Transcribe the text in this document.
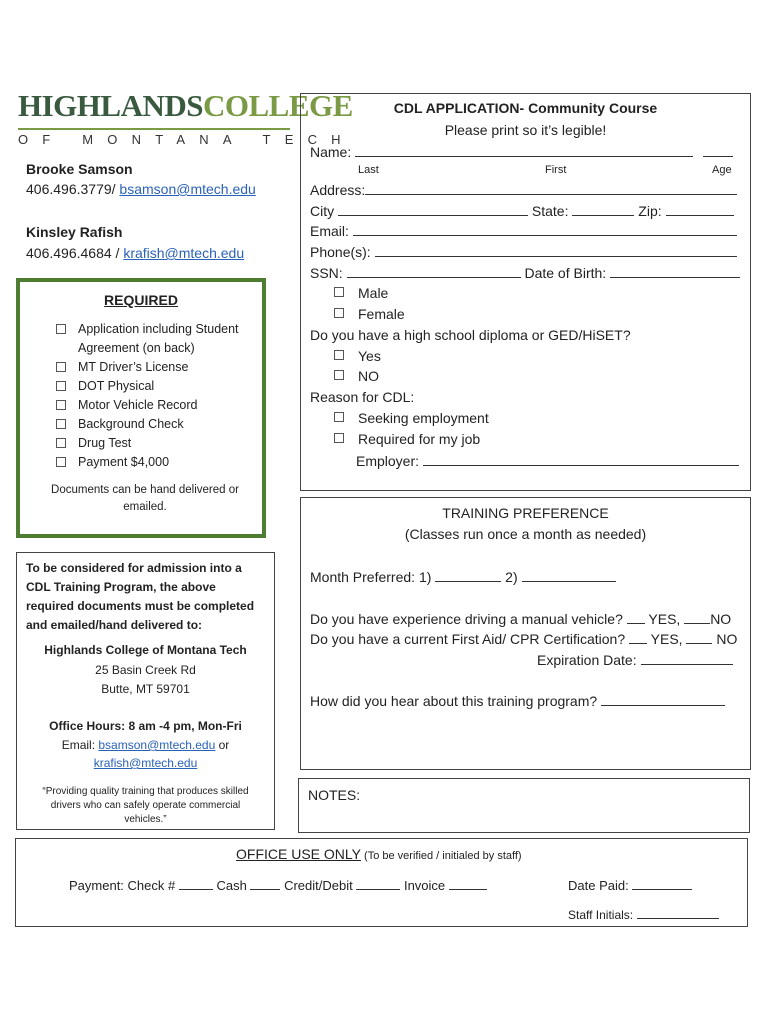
HIGHLANDSCOLLEGE
OF MONTANA TECH
Brooke Samson
406.496.3779/ bsamson@mtech.edu
Kinsley Rafish
406.496.4684 / krafish@mtech.edu
REQUIRED
Application including Student
Agreement (on back)
MT Driver’s License
DOT Physical
Motor Vehicle Record
Background Check
Drug Test
Payment $4,000
Documents can be hand delivered or emailed.
To be considered for admission into a CDL Training Program, the above required documents must be completed and emailed/hand delivered to:
Highlands College of Montana Tech
25 Basin Creek Rd
Butte, MT 59701
Office Hours: 8 am -4 pm, Mon-Fri
Email: bsamson@mtech.edu or
krafish@mtech.edu
“Providing quality training that produces skilled drivers who can safely operate commercial vehicles.”
CDL APPLICATION- Community Course
Please print so it’s legible!
Name:
Last	First	Age
Address:
City	State:	Zip:
Email:
Phone(s):
SSN:	Date of Birth:
Male
Female
Do you have a high school diploma or GED/HiSET?
Yes
NO
Reason for CDL:
Seeking employment
Required for my job
Employer:
TRAINING PREFERENCE
(Classes run once a month as needed)
Month Preferred: 1)	2)
Do you have experience driving a manual vehicle? YES, NO
Do you have a current First Aid/ CPR Certification? YES, NO
Expiration Date:
How did you hear about this training program?
NOTES:
OFFICE USE ONLY (To be verified / initialed by staff)
Payment: Check #	Cash	Credit/Debit	Invoice	Date Paid:
Staff Initials:
